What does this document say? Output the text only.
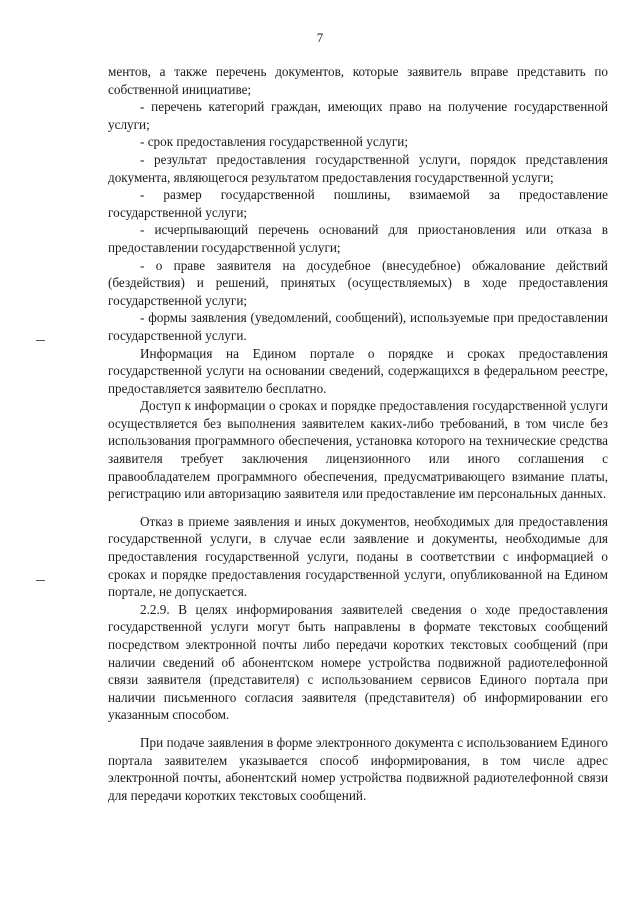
7

ментов, а также перечень документов, которые заявитель вправе представить по собственной инициативе;

- перечень категорий граждан, имеющих право на получение государственной услуги;

- срок предоставления государственной услуги;

- результат предоставления государственной услуги, порядок представления документа, являющегося результатом предоставления государственной услуги;

- размер государственной пошлины, взимаемой за предоставление государственной услуги;

- исчерпывающий перечень оснований для приостановления или отказа в предоставлении государственной услуги;

- о праве заявителя на досудебное (внесудебное) обжалование действий (бездействия) и решений, принятых (осуществляемых) в ходе предоставления государственной услуги;

- формы заявления (уведомлений, сообщений), используемые при предоставлении государственной услуги.

Информация на Едином портале о порядке и сроках предоставления государственной услуги на основании сведений, содержащихся в федеральном реестре, предоставляется заявителю бесплатно.

Доступ к информации о сроках и порядке предоставления государственной услуги осуществляется без выполнения заявителем каких-либо требований, в том числе без использования программного обеспечения, установка которого на технические средства заявителя требует заключения лицензионного или иного соглашения с правообладателем программного обеспечения, предусматривающего взимание платы, регистрацию или авторизацию заявителя или предоставление им персональных данных.

Отказ в приеме заявления и иных документов, необходимых для предоставления государственной услуги, в случае если заявление и документы, необходимые для предоставления государственной услуги, поданы в соответствии с информацией о сроках и порядке предоставления государственной услуги, опубликованной на Едином портале, не допускается.

2.2.9. В целях информирования заявителей сведения о ходе предоставления государственной услуги могут быть направлены в формате текстовых сообщений посредством электронной почты либо передачи коротких текстовых сообщений (при наличии сведений об абонентском номере устройства подвижной радиотелефонной связи заявителя (представителя) с использованием сервисов Единого портала при наличии письменного согласия заявителя (представителя) об информировании его указанным способом.

При подаче заявления в форме электронного документа с использованием Единого портала заявителем указывается способ информирования, в том числе адрес электронной почты, абонентский номер устройства подвижной радиотелефонной связи для передачи коротких текстовых сообщений.
